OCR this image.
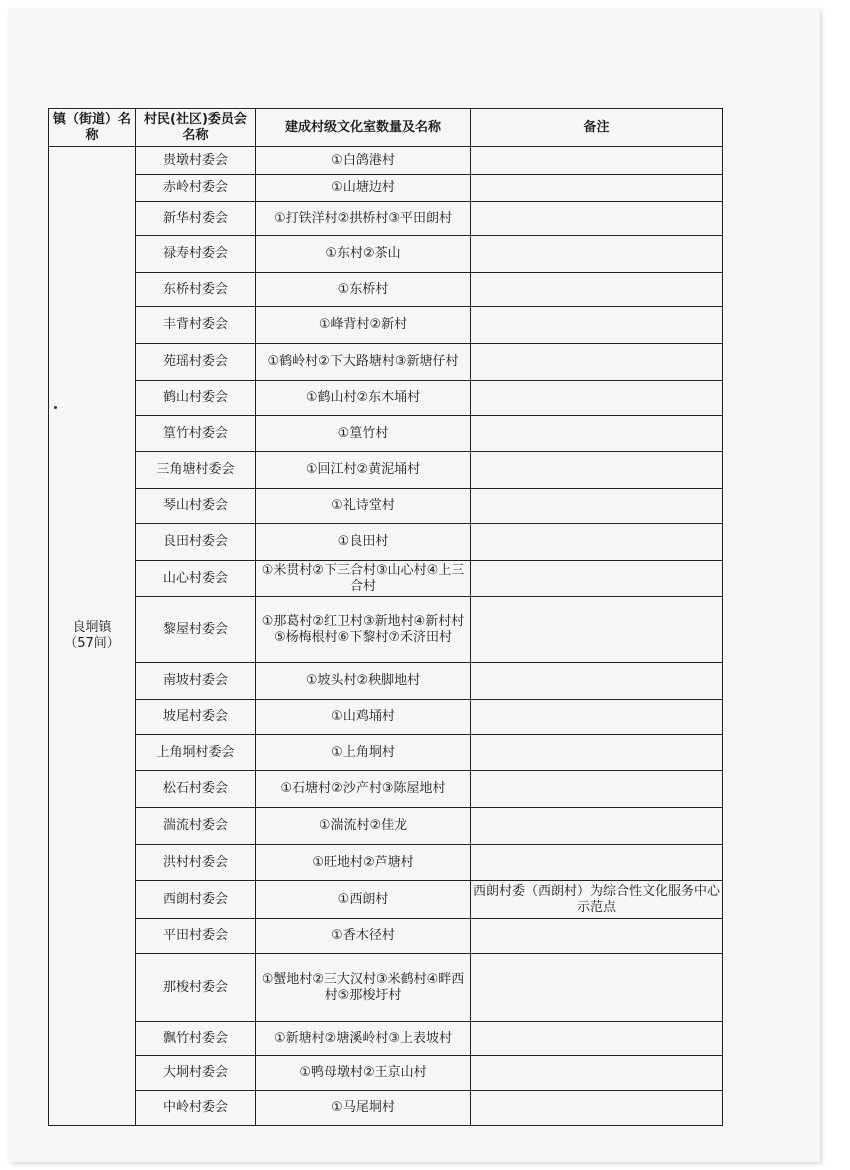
镇（街道）名称	村民(社区)委员会名称	建成村级文化室数量及名称	备注

良垌镇
（57间）	贵墩村委会	①白鸽港村	
	赤岭村委会	①山塘边村	
	新华村委会	①打铁洋村②拱桥村③平田朗村	
	禄寿村委会	①东村②茶山	
	东桥村委会	①东桥村	
	丰背村委会	①峰背村②新村	
	苑瑶村委会	①鹤岭村②下大路塘村③新塘仔村	
	鹤山村委会	①鹤山村②东木埇村	
	篁竹村委会	①篁竹村	
	三角塘村委会	①回江村②黄泥埇村	
	琴山村委会	①礼诗堂村	
	良田村委会	①良田村	
	山心村委会	①米贯村②下三合村③山心村④上三合村	
	黎屋村委会	①那葛村②红卫村③新地村④新村村⑤杨梅根村⑥下黎村⑦禾济田村	
	南坡村委会	①坡头村②秧脚地村	
	坡尾村委会	①山鸡埇村	
	上角垌村委会	①上角垌村	
	松石村委会	①石塘村②沙产村③陈屋地村	
	湍流村委会	①湍流村②佳龙	
	洪村村委会	①旺地村②芦塘村	
	西朗村委会	①西朗村	西朗村委（西朗村）为综合性文化服务中心示范点
	平田村委会	①香木径村	
	那梭村委会	①蟹地村②三大汉村③米鹤村④畔西村⑤那梭圩村	
	飘竹村委会	①新塘村②塘溪岭村③上表坡村	
	大垌村委会	①鸭母墩村②王京山村	
	中岭村委会	①马尾垌村	
